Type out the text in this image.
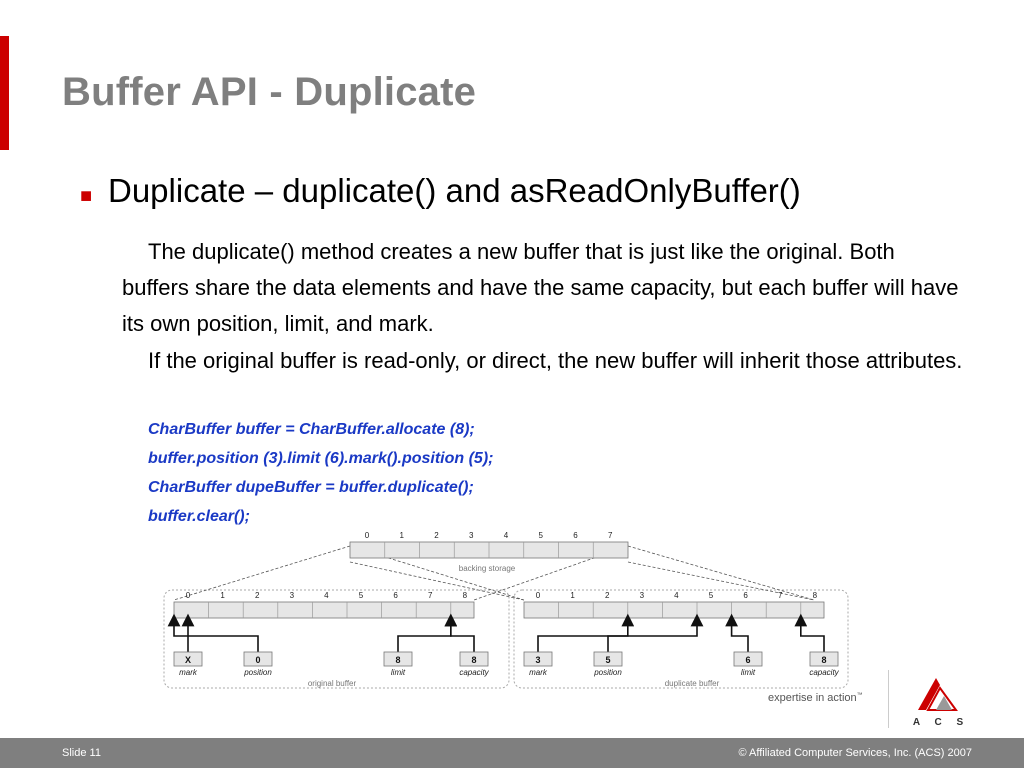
Buffer API - Duplicate
■ Duplicate – duplicate() and asReadOnlyBuffer()

The duplicate() method creates a new buffer that is just like the original. Both buffers share the data elements and have the same capacity, but each buffer will have its own position, limit, and mark.

If the original buffer is read-only, or direct, the new buffer will inherit those attributes.

CharBuffer buffer = CharBuffer.allocate (8);
buffer.position (3).limit (6).mark().position (5);
CharBuffer dupeBuffer = buffer.duplicate();
buffer.clear();
0	1	2	3	4	5	6	7
backing storage
0	1	2	3	4	5	6	7	8
X
mark
0
position
8
limit
8
capacity
original buffer
0	1	2	3	4	5	6	7	8
3
mark
5
position
6
limit
8
capacity
duplicate buffer
expertise in action™
A C S
Slide 11	© Affiliated Computer Services, Inc. (ACS) 2007
